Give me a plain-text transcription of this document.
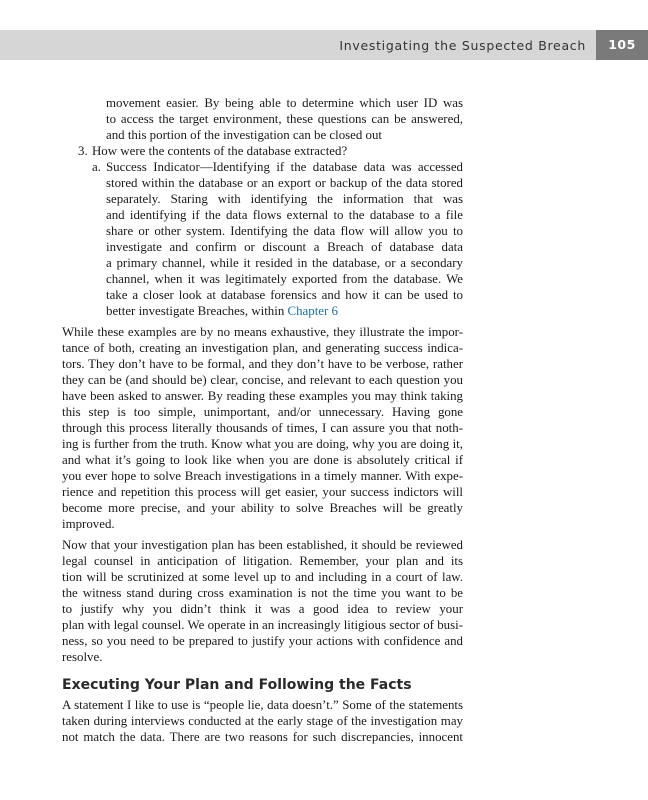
Investigating the Suspected Breach	105
movement easier. By being able to determine which user ID was
to access the target environment, these questions can be answered,
and this portion of the investigation can be closed out
3. How were the contents of the database extracted?
a. Success Indicator—Identifying if the database data was accessed
stored within the database or an export or backup of the data stored
separately. Staring with identifying the information that was
and identifying if the data flows external to the database to a file
share or other system. Identifying the data flow will allow you to
investigate and confirm or discount a Breach of database data
a primary channel, while it resided in the database, or a secondary
channel, when it was legitimately exported from the database. We
take a closer look at database forensics and how it can be used to
better investigate Breaches, within Chapter 6
While these examples are by no means exhaustive, they illustrate the impor-
tance of both, creating an investigation plan, and generating success indica-
tors. They don’t have to be formal, and they don’t have to be verbose, rather
they can be (and should be) clear, concise, and relevant to each question you
have been asked to answer. By reading these examples you may think taking
this step is too simple, unimportant, and/or unnecessary. Having gone
through this process literally thousands of times, I can assure you that noth-
ing is further from the truth. Know what you are doing, why you are doing it,
and what it’s going to look like when you are done is absolutely critical if
you ever hope to solve Breach investigations in a timely manner. With expe-
rience and repetition this process will get easier, your success indictors will
become more precise, and your ability to solve Breaches will be greatly
improved.
Now that your investigation plan has been established, it should be reviewed
legal counsel in anticipation of litigation. Remember, your plan and its
tion will be scrutinized at some level up to and including in a court of law.
the witness stand during cross examination is not the time you want to be
to justify why you didn’t think it was a good idea to review your
plan with legal counsel. We operate in an increasingly litigious sector of busi-
ness, so you need to be prepared to justify your actions with confidence and
resolve.
Executing Your Plan and Following the Facts
A statement I like to use is “people lie, data doesn’t.” Some of the statements
taken during interviews conducted at the early stage of the investigation may
not match the data. There are two reasons for such discrepancies, innocent
